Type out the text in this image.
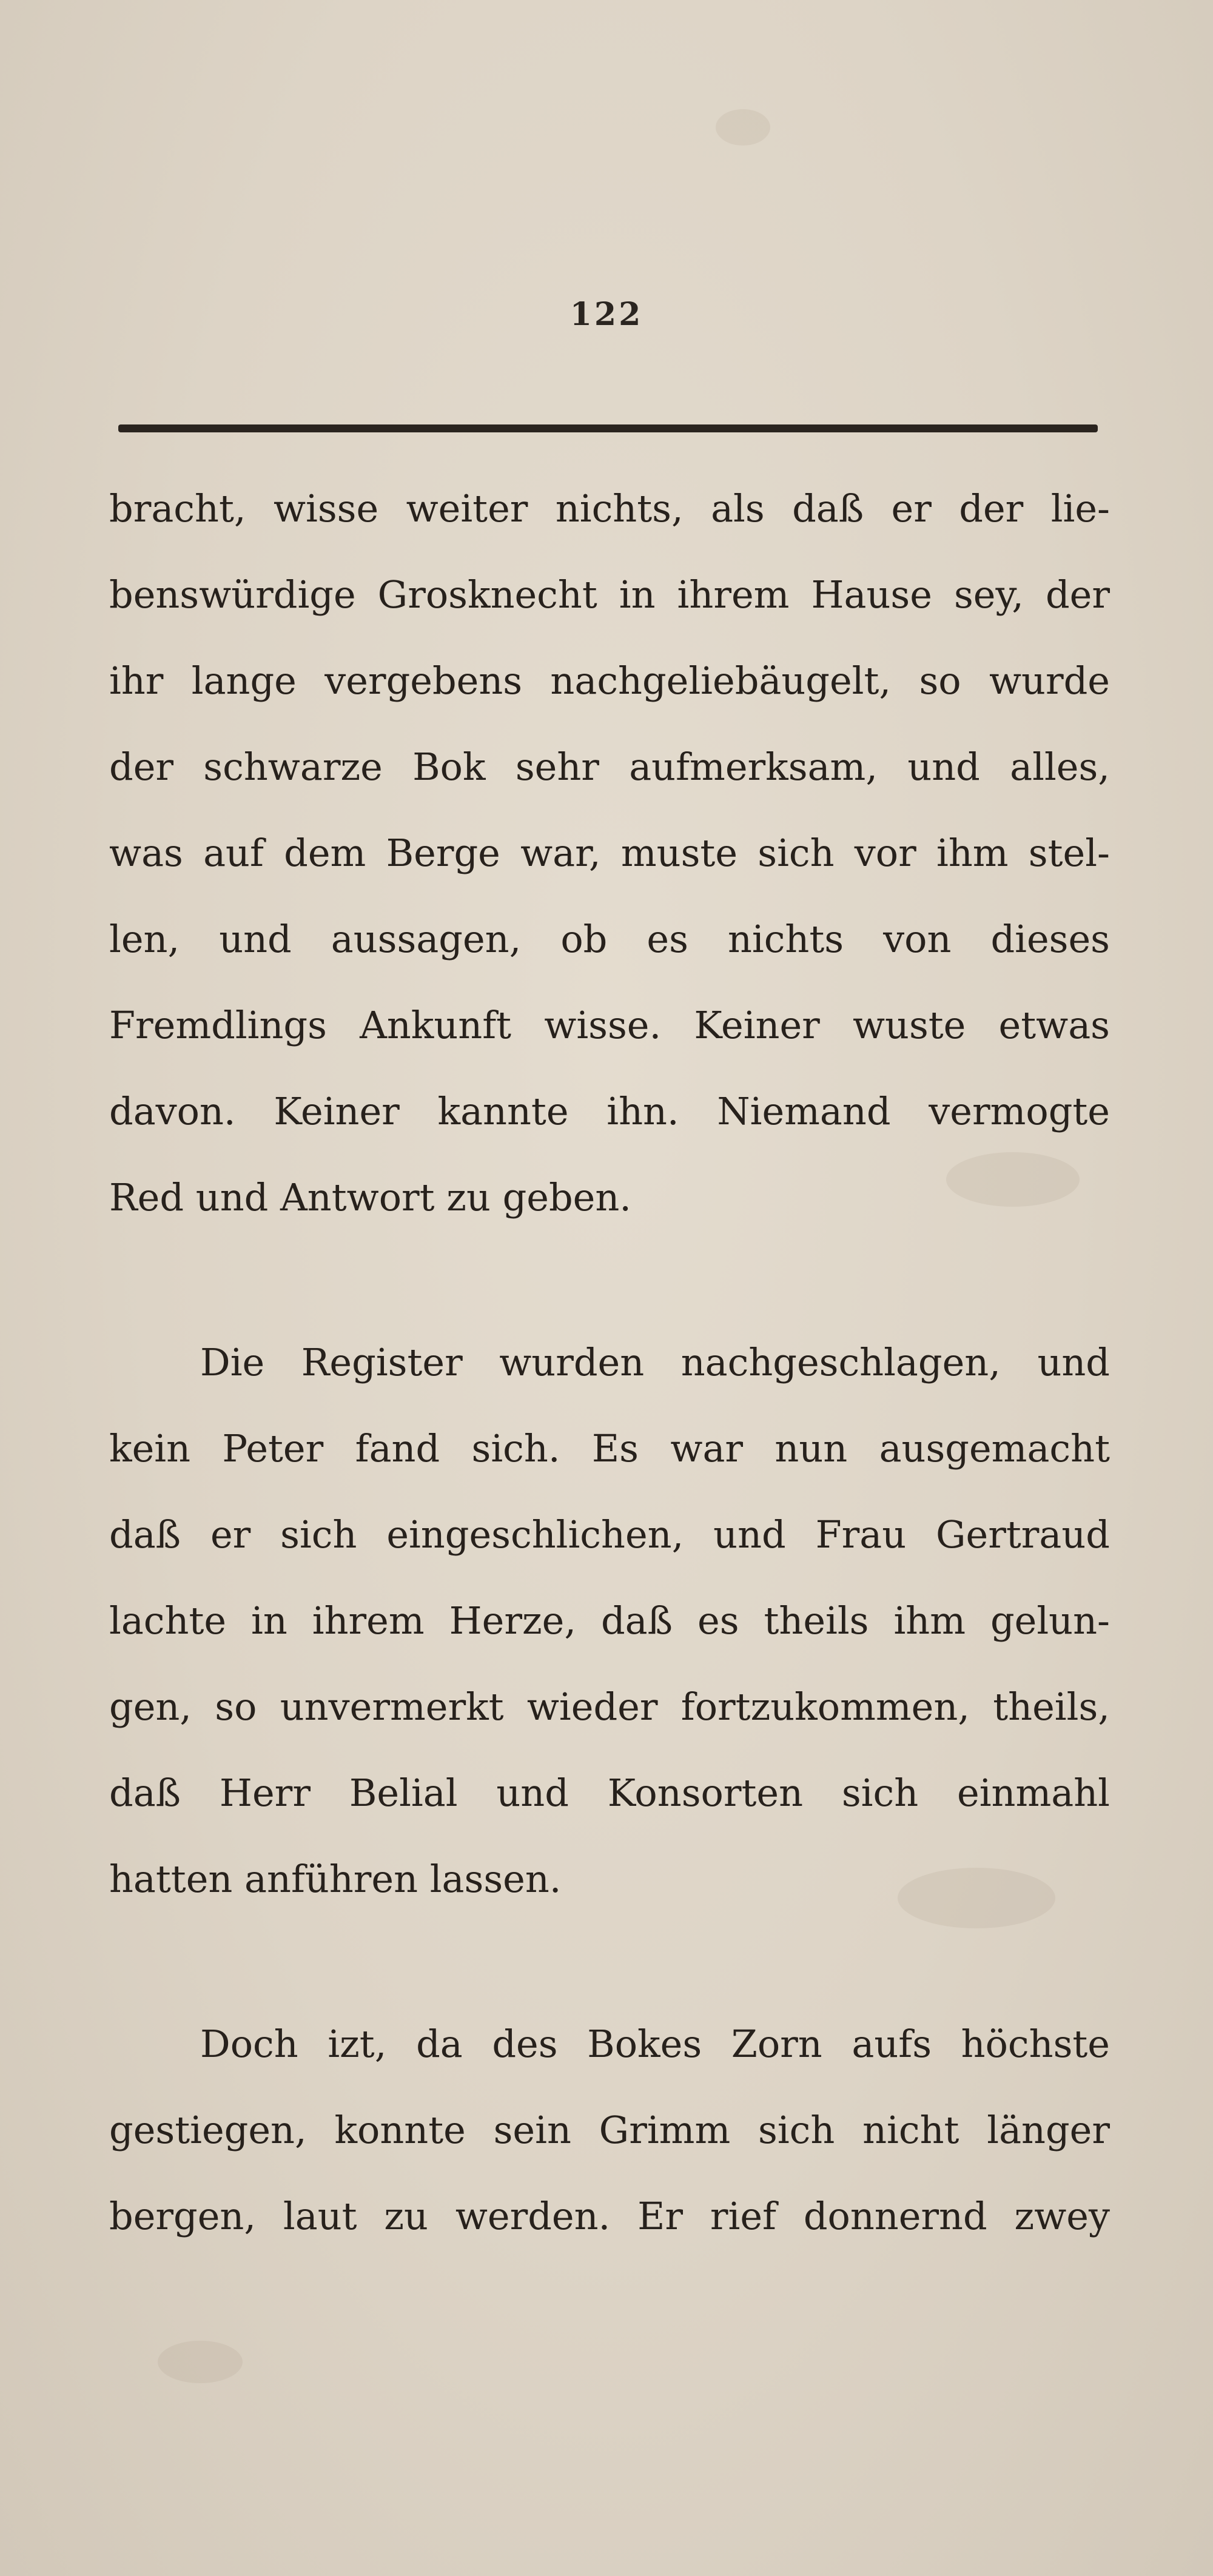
122
bracht, wisse weiter nichts, als daß er der lie-
benswürdige Grosknecht in ihrem Hause sey, der
ihr lange vergebens nachgeliebäugelt, so wurde
der schwarze Bok sehr aufmerksam, und alles,
was auf dem Berge war, muste sich vor ihm stel-
len, und aussagen, ob es nichts von dieses
Fremdlings Ankunft wisse. Keiner wuste etwas
davon. Keiner kannte ihn. Niemand vermogte
Red und Antwort zu geben.
Die Register wurden nachgeschlagen, und
kein Peter fand sich. Es war nun ausgemacht
daß er sich eingeschlichen, und Frau Gertraud
lachte in ihrem Herze, daß es theils ihm gelun-
gen, so unvermerkt wieder fortzukommen, theils,
daß Herr Belial und Konsorten sich einmahl
hatten anführen lassen.
Doch izt, da des Bokes Zorn aufs höchste
gestiegen, konnte sein Grimm sich nicht länger
bergen, laut zu werden. Er rief donnernd zwey
